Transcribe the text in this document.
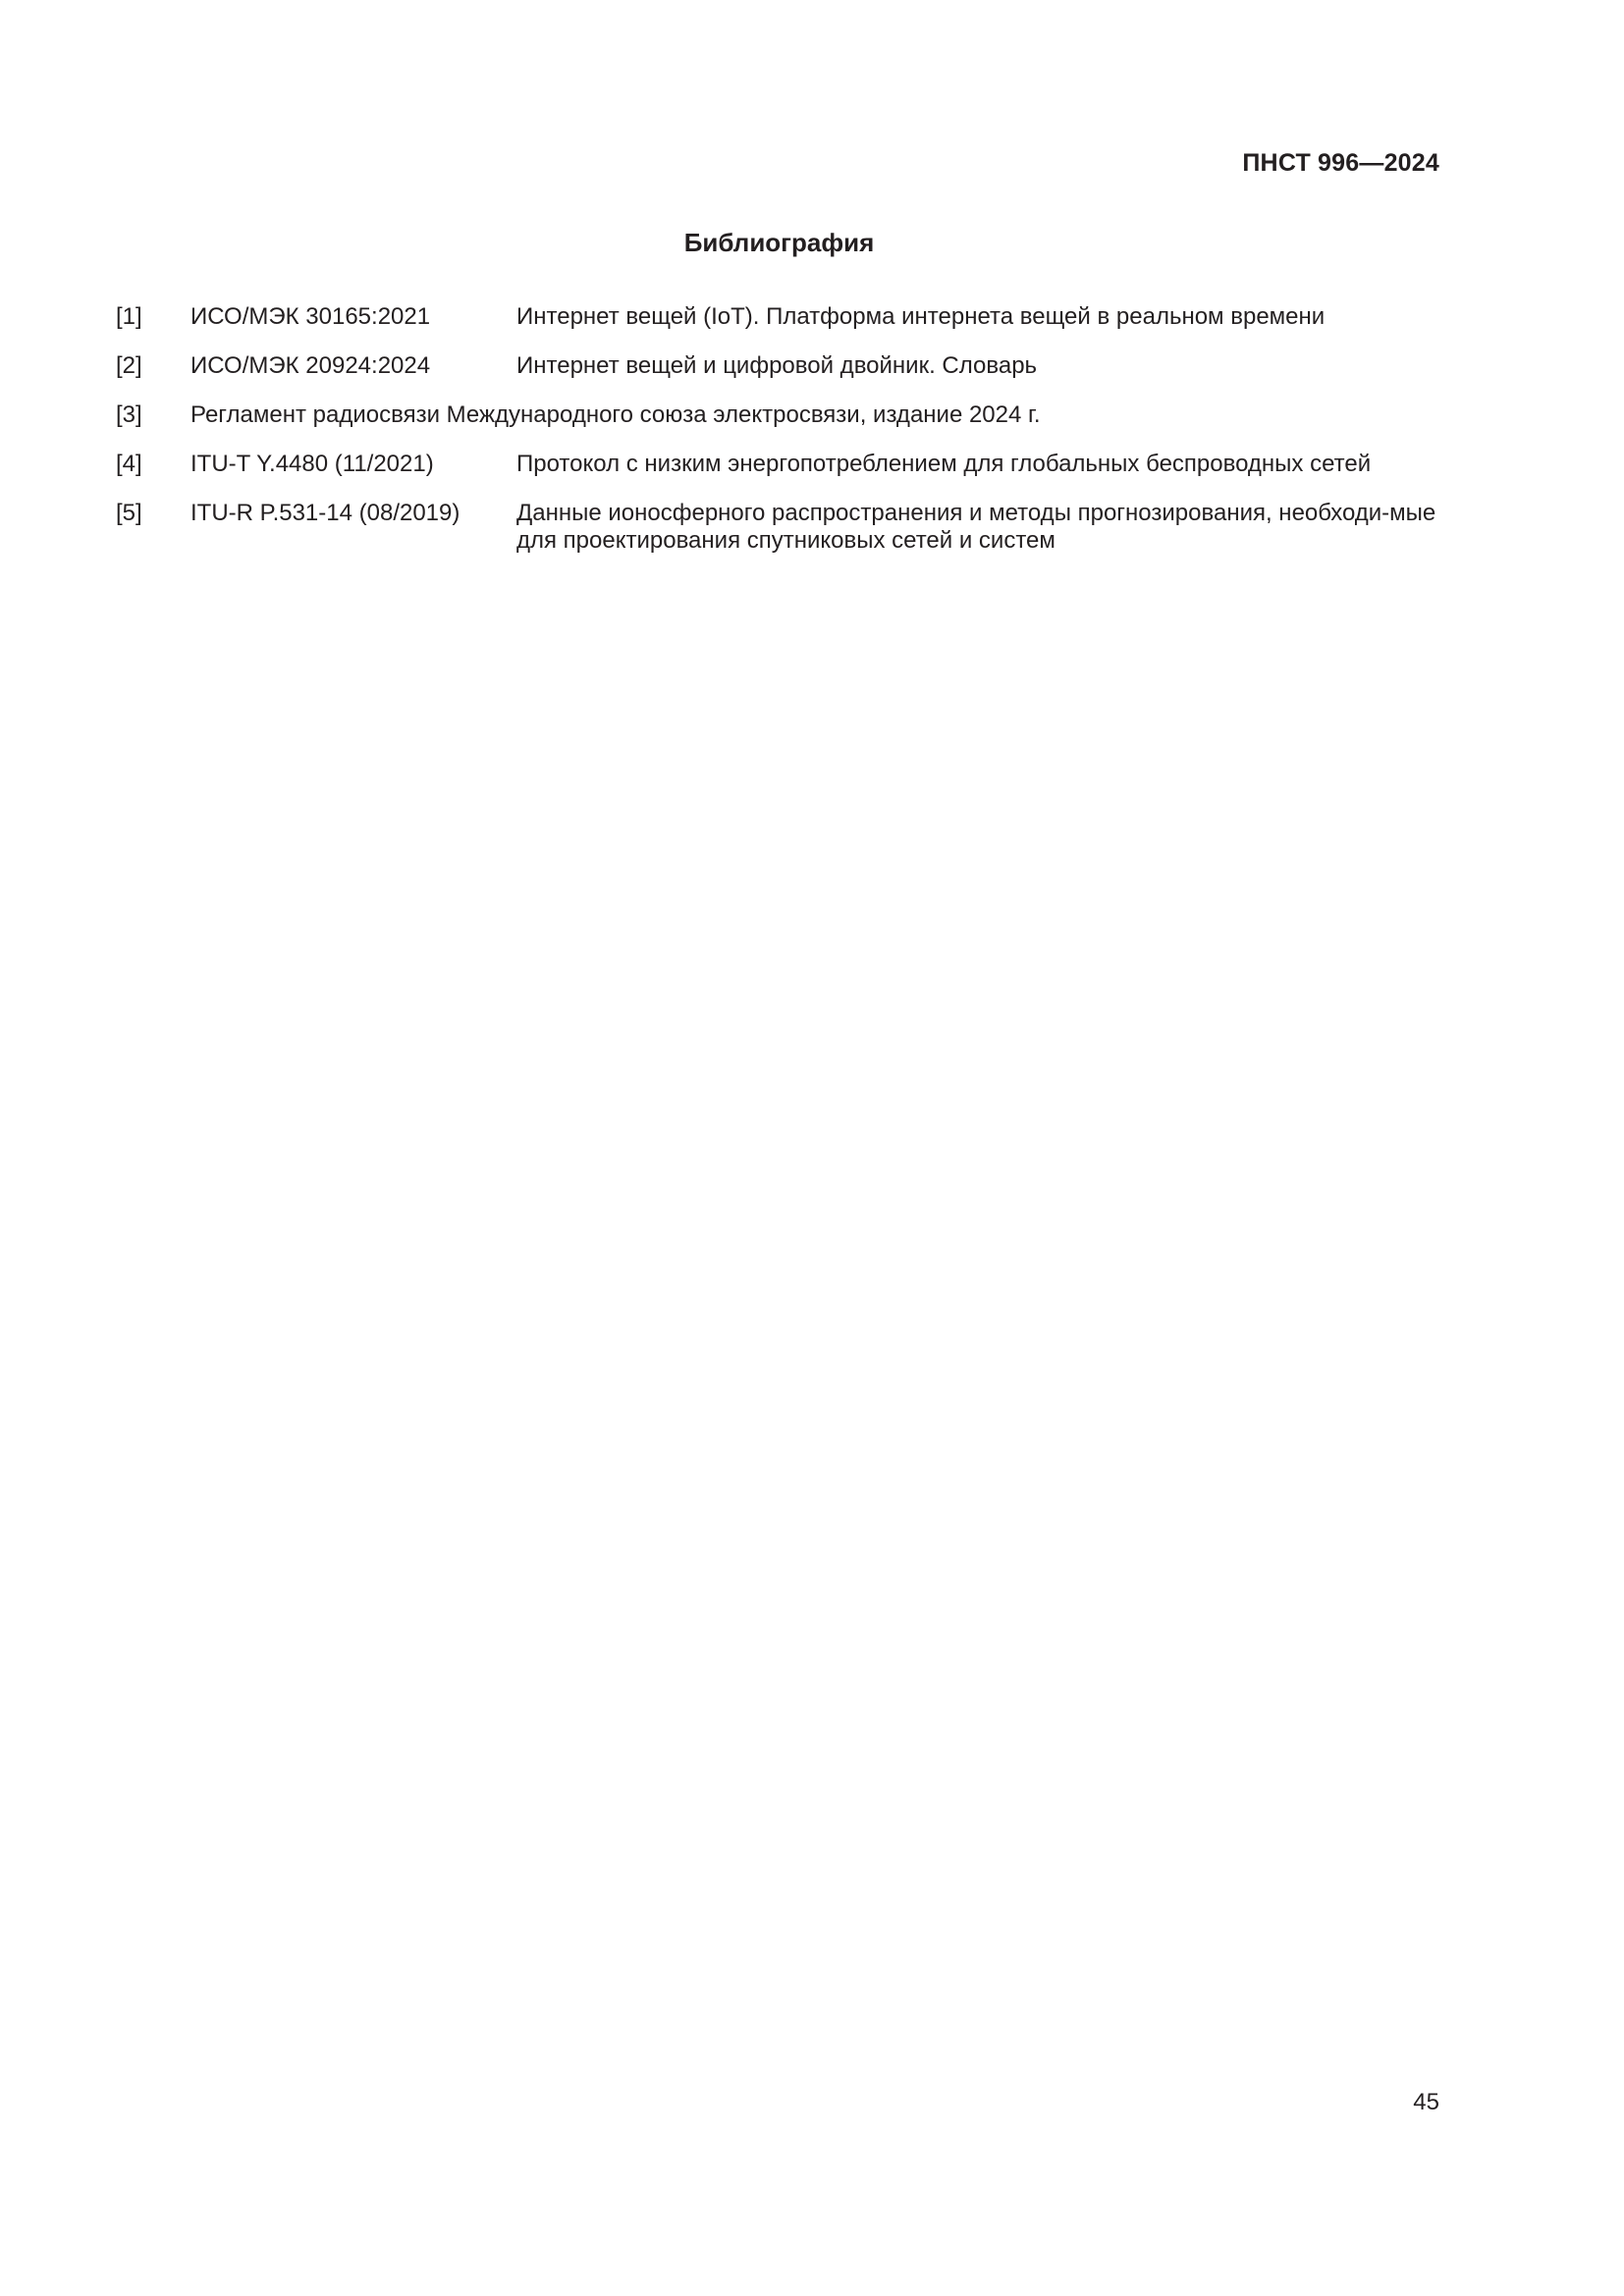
ПНСТ 996—2024
Библиография
[1]	ИСО/МЭК 30165:2021	Интернет вещей (IoT). Платформа интернета вещей в реальном времени
[2]	ИСО/МЭК 20924:2024	Интернет вещей и цифровой двойник. Словарь
[3]	Регламент радиосвязи Международного союза электросвязи, издание 2024 г.
[4]	ITU-T Y.4480 (11/2021)	Протокол с низким энергопотреблением для глобальных беспроводных сетей
[5]	ITU-R P.531-14 (08/2019)	Данные ионосферного распространения и методы прогнозирования, необходи-мые для проектирования спутниковых сетей и систем
45
